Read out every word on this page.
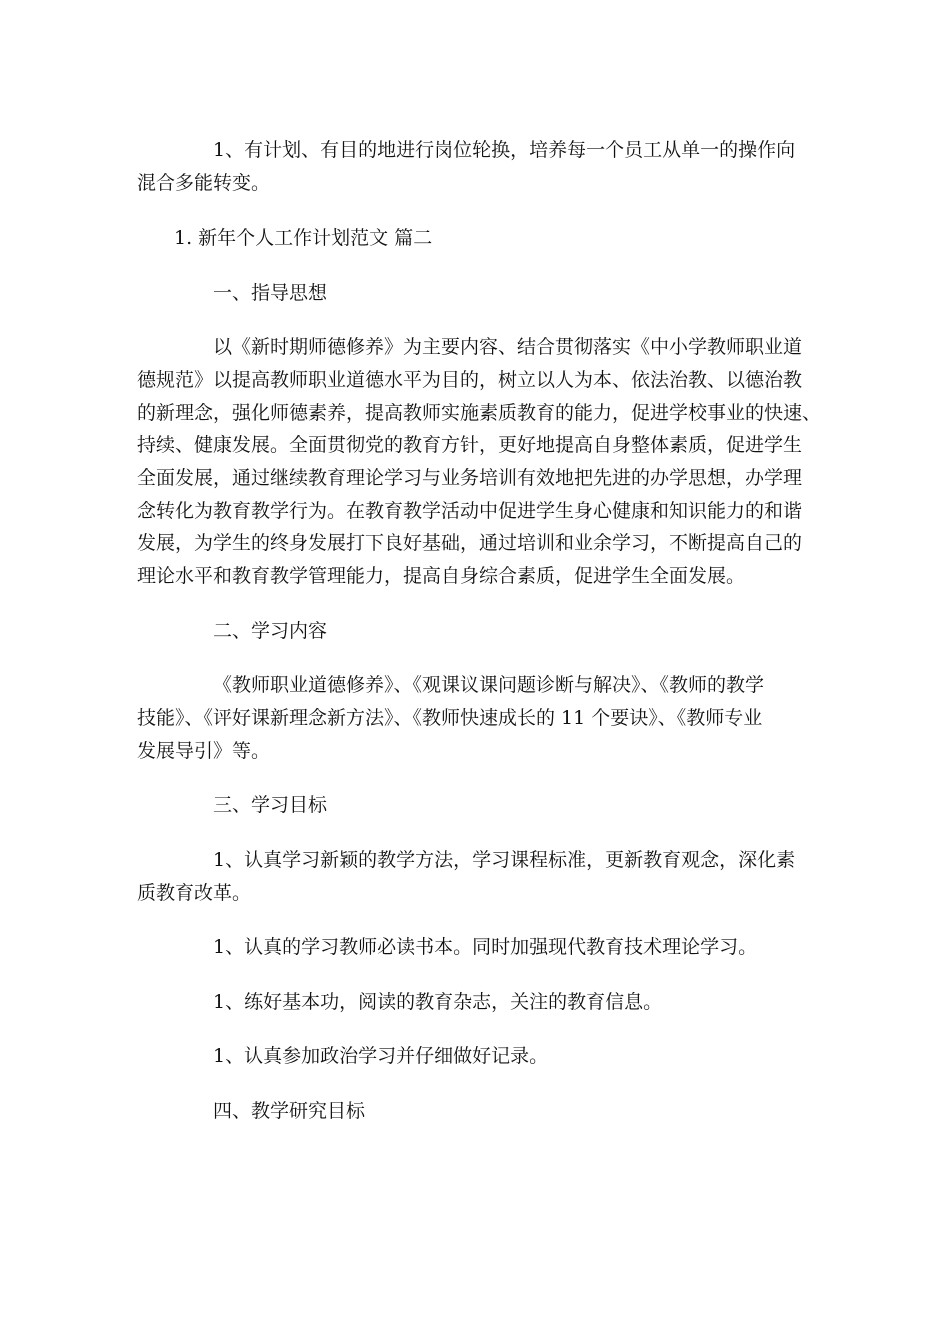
1、有计划、有目的地进行岗位轮换，培养每一个员工从单一的操作向
混合多能转变。
1. 新年个人工作计划范文 篇二
一、指导思想
以《新时期师德修养》为主要内容、结合贯彻落实《中小学教师职业道
德规范》以提高教师职业道德水平为目的，树立以人为本、依法治教、以德治教
的新理念，强化师德素养，提高教师实施素质教育的能力，促进学校事业的快速、
持续、健康发展。全面贯彻党的教育方针，更好地提高自身整体素质，促进学生
全面发展，通过继续教育理论学习与业务培训有效地把先进的办学思想，办学理
念转化为教育教学行为。在教育教学活动中促进学生身心健康和知识能力的和谐
发展，为学生的终身发展打下良好基础，通过培训和业余学习，不断提高自己的
理论水平和教育教学管理能力，提高自身综合素质，促进学生全面发展。
二、学习内容
《教师职业道德修养》、《观课议课问题诊断与解决》、《教师的教学
技能》、《评好课新理念新方法》、《教师快速成长的 11 个要诀》、《教师专业
发展导引》等。
三、学习目标
1、认真学习新颖的教学方法，学习课程标准，更新教育观念，深化素
质教育改革。
1、认真的学习教师必读书本。同时加强现代教育技术理论学习。
1、练好基本功，阅读的教育杂志，关注的教育信息。
1、认真参加政治学习并仔细做好记录。
四、教学研究目标
